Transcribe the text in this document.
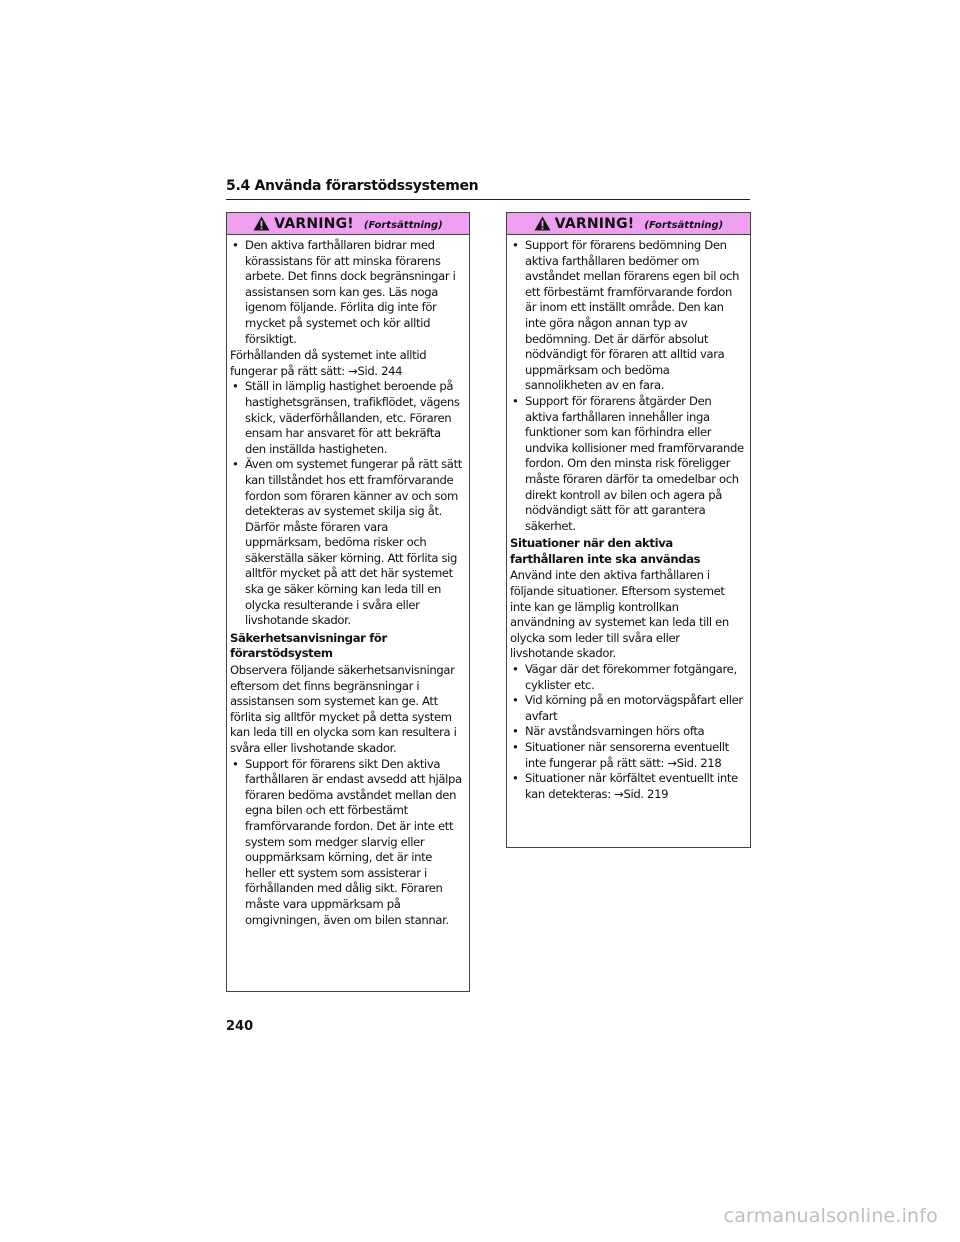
5.4 Använda förarstödssystemen
VARNING! (Fortsättning)
• Den aktiva farthållaren bidrar med körassistans för att minska förarens arbete. Det finns dock begränsningar i assistansen som kan ges. Läs noga igenom följande. Förlita dig inte för mycket på systemet och kör alltid försiktigt.
Förhållanden då systemet inte alltid fungerar på rätt sätt: →Sid. 244
• Ställ in lämplig hastighet beroende på hastighetsgränsen, trafikflödet, vägens skick, väderförhållanden, etc. Föraren ensam har ansvaret för att bekräfta den inställda hastigheten.
• Även om systemet fungerar på rätt sätt kan tillståndet hos ett framförvarande fordon som föraren känner av och som detekteras av systemet skilja sig åt. Därför måste föraren vara uppmärksam, bedöma risker och säkerställa säker körning. Att förlita sig alltför mycket på att det här systemet ska ge säker körning kan leda till en olycka resulterande i svåra eller livshotande skador.
Säkerhetsanvisningar för förarstödsystem
Observera följande säkerhetsanvisningar eftersom det finns begränsningar i assistansen som systemet kan ge. Att förlita sig alltför mycket på detta system kan leda till en olycka som kan resultera i svåra eller livshotande skador.
• Support för förarens sikt Den aktiva farthållaren är endast avsedd att hjälpa föraren bedöma avståndet mellan den egna bilen och ett förbestämt framförvarande fordon. Det är inte ett system som medger slarvig eller ouppmärksam körning, det är inte heller ett system som assisterar i förhållanden med dålig sikt. Föraren måste vara uppmärksam på omgivningen, även om bilen stannar.
VARNING! (Fortsättning)
• Support för förarens bedömning Den aktiva farthållaren bedömer om avståndet mellan förarens egen bil och ett förbestämt framförvarande fordon är inom ett inställt område. Den kan inte göra någon annan typ av bedömning. Det är därför absolut nödvändigt för föraren att alltid vara uppmärksam och bedöma sannolikheten av en fara.
• Support för förarens åtgärder Den aktiva farthållaren innehåller inga funktioner som kan förhindra eller undvika kollisioner med framförvarande fordon. Om den minsta risk föreligger måste föraren därför ta omedelbar och direkt kontroll av bilen och agera på nödvändigt sätt för att garantera säkerhet.
Situationer när den aktiva farthållaren inte ska användas
Använd inte den aktiva farthållaren i följande situationer. Eftersom systemet inte kan ge lämplig kontrollkan användning av systemet kan leda till en olycka som leder till svåra eller livshotande skador.
• Vägar där det förekommer fotgängare, cyklister etc.
• Vid körning på en motorvägspåfart eller avfart
• När avståndsvarningen hörs ofta
• Situationer när sensorerna eventuellt inte fungerar på rätt sätt: →Sid. 218
• Situationer när körfältet eventuellt inte kan detekteras: →Sid. 219
240
carmanualsonline.info
